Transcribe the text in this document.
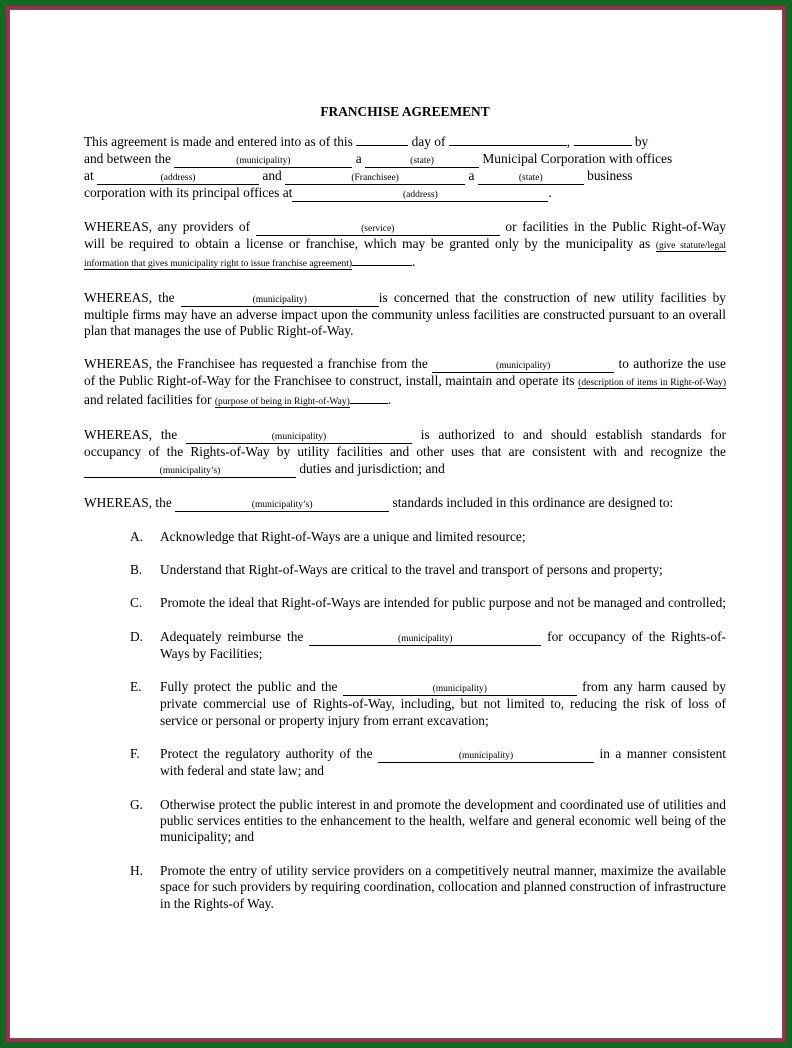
FRANCHISE AGREEMENT

This agreement is made and entered into as of this	day of	,	by

and between the	(municipality)	a	(state)	Municipal Corporation with offices

at	(address)	and	(Franchisee)	a	(state)	business

corporation with its principal offices at	(address)	.

WHEREAS, any providers of	(service)	or facilities in the Public Right-of-Way will be required to obtain a license or franchise, which may be granted only by the municipality as (give statute/legal information that gives municipality right to issue franchise agreement)	.

WHEREAS, the	(municipality)	is concerned that the construction of new utility facilities by multiple firms may have an adverse impact upon the community unless facilities are constructed pursuant to an overall plan that manages the use of Public Right-of-Way.

WHEREAS, the Franchisee has requested a franchise from the	(municipality)	to authorize the use of the Public Right-of-Way for the Franchisee to construct, install, maintain and operate its (description of items in Right-of-Way) and related facilities for (purpose of being in Right-of-Way)	.

WHEREAS, the	(municipality)	is authorized to and should establish standards for occupancy of the Rights-of-Way by utility facilities and other uses that are consistent with and recognize the (municipality’s)	duties and jurisdiction; and

WHEREAS, the	(municipality’s)	standards included in this ordinance are designed to:

A. Acknowledge that Right-of-Ways are a unique and limited resource;
B. Understand that Right-of-Ways are critical to the travel and transport of persons and property;
C. Promote the ideal that Right-of-Ways are intended for public purpose and not be managed and controlled;
D. Adequately reimburse the	(municipality)	for occupancy of the Rights-of-Ways by Facilities;
E. Fully protect the public and the	(municipality)	from any harm caused by private commercial use of Rights-of-Way, including, but not limited to, reducing the risk of loss of service or personal or property injury from errant excavation;
F. Protect the regulatory authority of the	(municipality)	in a manner consistent with federal and state law; and
G. Otherwise protect the public interest in and promote the development and coordinated use of utilities and public services entities to the enhancement to the health, welfare and general economic well being of the municipality; and
H. Promote the entry of utility service providers on a competitively neutral manner, maximize the available space for such providers by requiring coordination, collocation and planned construction of infrastructure in the Rights-of Way.
